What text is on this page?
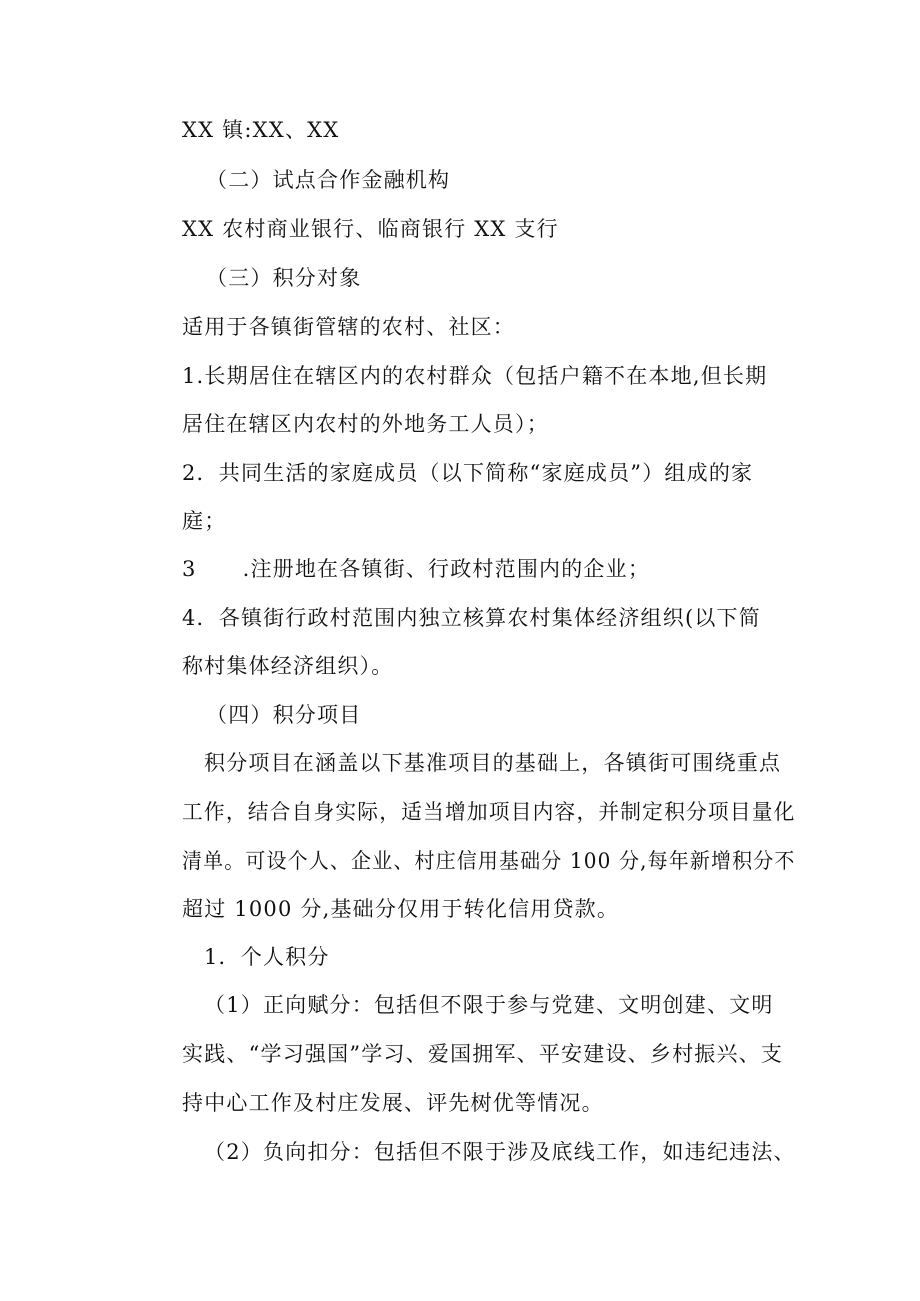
XX 镇:XX、XX
（二）试点合作金融机构
XX 农村商业银行、临商银行 XX 支行
（三）积分对象
适用于各镇街管辖的农村、社区：
1.长期居住在辖区内的农村群众（包括户籍不在本地,但长期
居住在辖区内农村的外地务工人员）；
2．共同生活的家庭成员（以下简称“家庭成员”）组成的家
庭；
3 .注册地在各镇街、行政村范围内的企业；
4．各镇街行政村范围内独立核算农村集体经济组织(以下简
称村集体经济组织）。
（四）积分项目
积分项目在涵盖以下基准项目的基础上，各镇街可围绕重点
工作，结合自身实际，适当增加项目内容，并制定积分项目量化
清单。可设个人、企业、村庄信用基础分 100 分,每年新增积分不
超过 1000 分,基础分仅用于转化信用贷款。
1．个人积分
（1）正向赋分：包括但不限于参与党建、文明创建、文明
实践、“学习强国”学习、爱国拥军、平安建设、乡村振兴、支
持中心工作及村庄发展、评先树优等情况。
（2）负向扣分：包括但不限于涉及底线工作，如违纪违法、
